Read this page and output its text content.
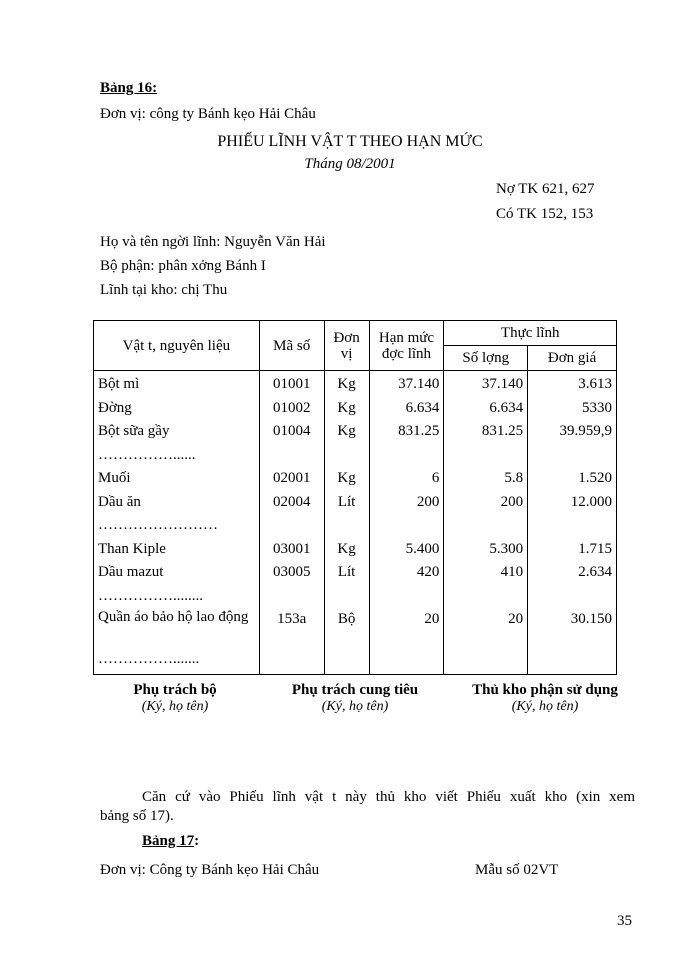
Bảng 16:
Đơn vị: công ty Bánh kẹo Hải Châu
PHIẾU LĨNH VẬT T THEO HẠN MỨC
Tháng 08/2001
Nợ TK 621, 627
Có TK 152, 153
Họ và tên ngời lĩnh: Nguyễn Văn Hải
Bộ phận: phân xởng Bánh I
Lĩnh tại kho: chị Thu
Vật t, nguyên liệu	Mã số	Đơn vị	Hạn mức đợc lĩnh	Thực lĩnh	
				Số lợng	Đơn giá
Bột mì	01001	Kg	37.140	37.140	3.613
Đờng	01002	Kg	6.634	6.634	5330
Bột sữa gầy	01004	Kg	831.25	831.25	39.959,9
……………......					
Muối	02001	Kg	6	5.8	1.520
Dầu ăn	02004	Lít	200	200	12.000
……………………					
Than Kiple	03001	Kg	5.400	5.300	1.715
Dầu mazut	03005	Lít	420	410	2.634
……………........					
Quần áo bảo hộ lao động	153a	Bộ	20	20	30.150
…………….......					
Phụ trách bộ
(Ký, họ tên)
Phụ trách cung tiêu
(Ký, họ tên)
Thủ kho phận sử dụng
(Ký, họ tên)
Căn cứ vào Phiếu lĩnh vật t này thủ kho viết Phiếu xuất kho (xin xem
bảng số 17).
Bảng 17:
Đơn vị: Công ty Bánh kẹo Hải Châu	Mẫu số 02VT
35
